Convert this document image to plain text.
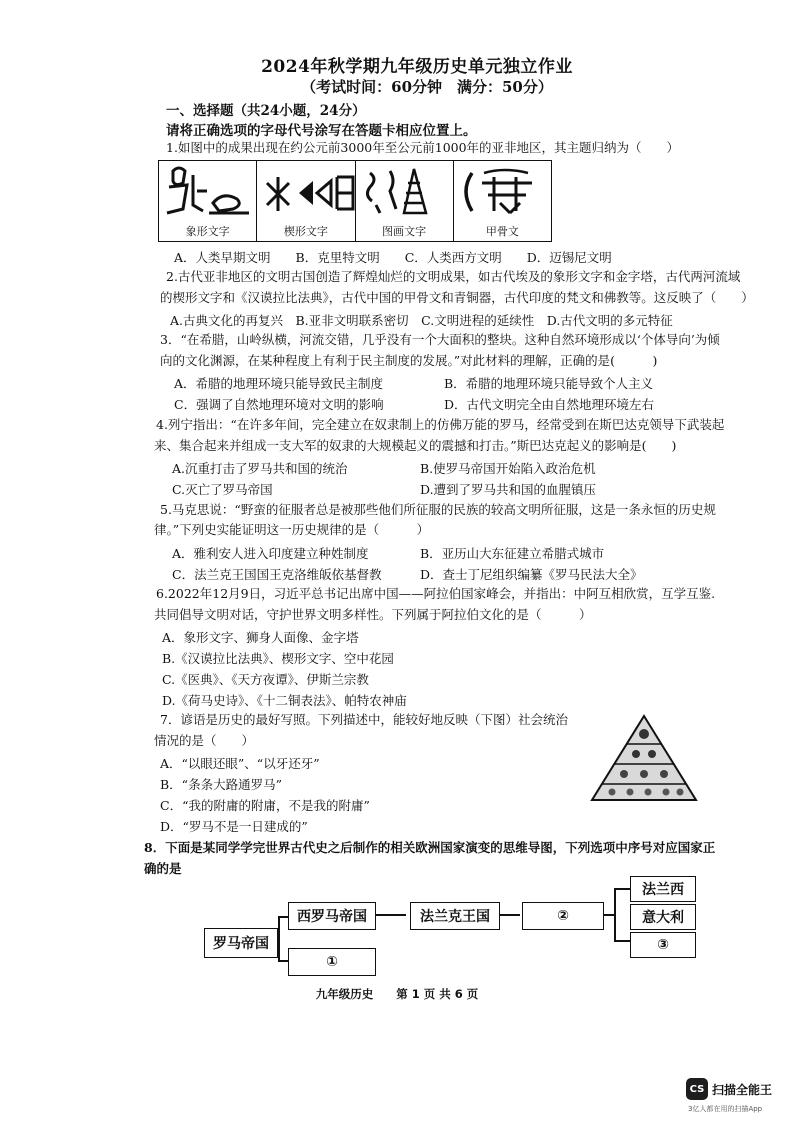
2024年秋学期九年级历史单元独立作业
（考试时间：60分钟　满分：50分）
一、选择题（共24小题，24分）
请将正确选项的字母代号涂写在答题卡相应位置上。
1.如图中的成果出现在约公元前3000年至公元前1000年的亚非地区，其主题归纳为（　　）
象形文字	楔形文字	图画文字	甲骨文
A．人类早期文明　　B．克里特文明　　C．人类西方文明　　D．迈锡尼文明
2.古代亚非地区的文明古国创造了辉煌灿烂的文明成果，如古代埃及的象形文字和金字塔，古代两河流域
的楔形文字和《汉谟拉比法典》，古代中国的甲骨文和青铜器，古代印度的梵文和佛教等。这反映了（　　）
A.古典文化的再复兴　B.亚非文明联系密切　C.文明进程的延续性　D.古代文明的多元特征
3．“在希腊，山岭纵横，河流交错，几乎没有一个大面积的整块。这种自然环境形成以‘个体导向’为倾
向的文化渊源，在某种程度上有利于民主制度的发展。”对此材料的理解，正确的是(　　　)
A．希腊的地理环境只能导致民主制度	B．希腊的地理环境只能导致个人主义
C．强调了自然地理环境对文明的影响	D．古代文明完全由自然地理环境左右
4.列宁指出：“在许多年间，完全建立在奴隶制上的仿佛万能的罗马，经常受到在斯巴达克领导下武装起
来、集合起来并组成一支大军的奴隶的大规模起义的震撼和打击。”斯巴达克起义的影响是(　　)
A.沉重打击了罗马共和国的统治	B.使罗马帝国开始陷入政治危机
C.灭亡了罗马帝国	D.遭到了罗马共和国的血腥镇压
5.马克思说：“野蛮的征服者总是被那些他们所征服的民族的较高文明所征服，这是一条永恒的历史规
律。”下列史实能证明这一历史规律的是（　　　）
A．雅利安人进入印度建立种姓制度	B．亚历山大东征建立希腊式城市
C．法兰克王国国王克洛维皈依基督教	D．查士丁尼组织编纂《罗马民法大全》
6.2022年12月9日，习近平总书记出席中国——阿拉伯国家峰会，并指出：中阿互相欣赏，互学互鉴.
共同倡导文明对话，守护世界文明多样性。下列属于阿拉伯文化的是（　　　）
A．象形文字、狮身人面像、金字塔
B.《汉谟拉比法典》、楔形文字、空中花园
C.《医典》、《天方夜谭》、伊斯兰宗教
D.《荷马史诗》、《十二铜表法》、帕特农神庙
7．谚语是历史的最好写照。下列描述中，能较好地反映（下图）社会统治
情况的是（　　）
A．“以眼还眼”、“以牙还牙”
B．“条条大路通罗马”
C．“我的附庸的附庸，不是我的附庸”
D．“罗马不是一日建成的”
8．下面是某同学学完世界古代史之后制作的相关欧洲国家演变的思维导图，下列选项中序号对应国家正
确的是
罗马帝国
西罗马帝国
①
法兰克王国	②
法兰西
意大利
③
九年级历史　　第 1 页 共 6 页
CS 扫描全能王
3亿人都在用的扫描App
